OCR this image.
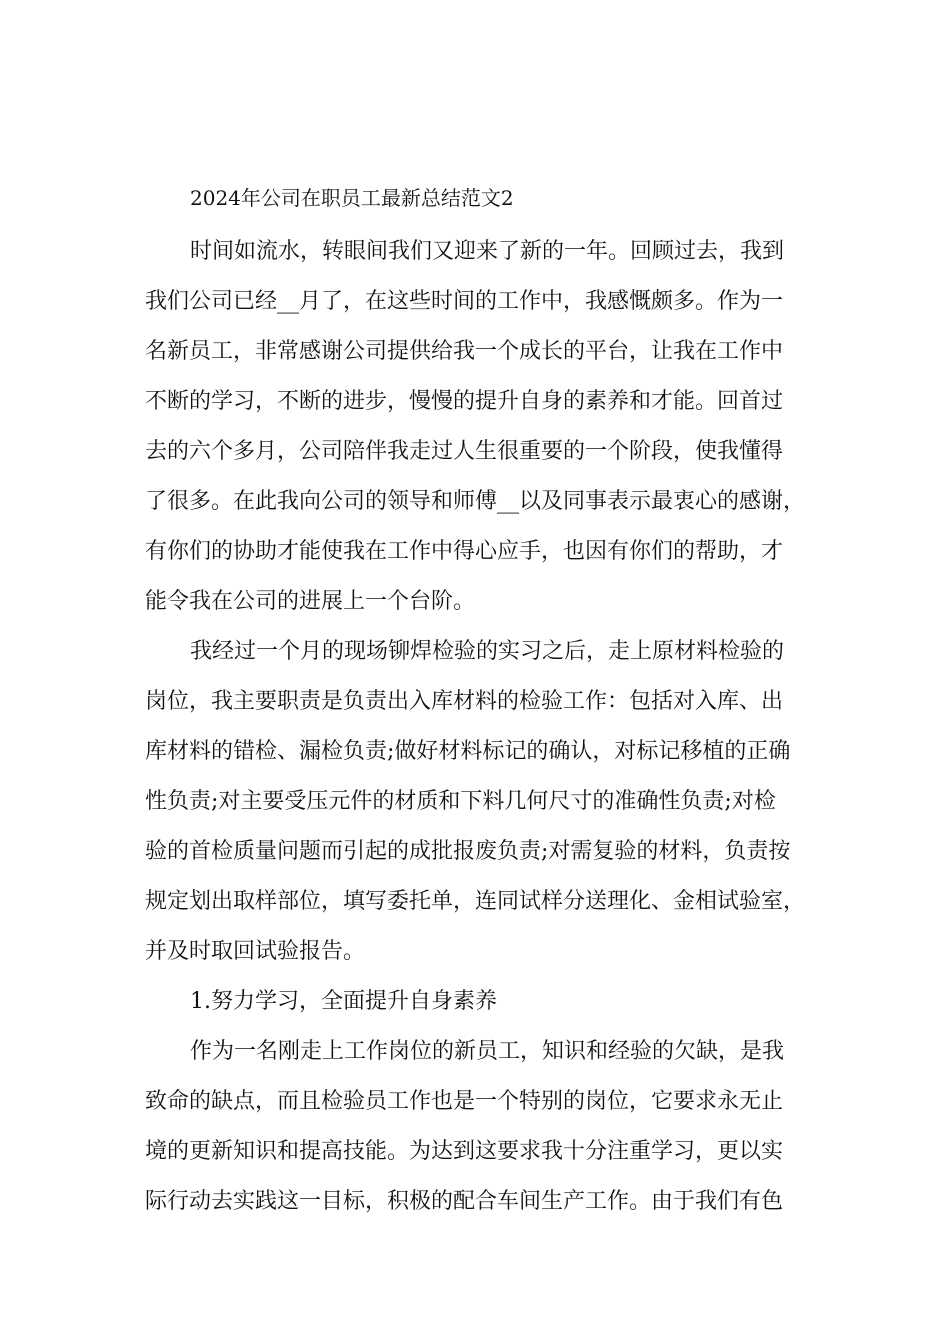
2024年公司在职员工最新总结范文2
时间如流水，转眼间我们又迎来了新的一年。回顾过去，我到
我们公司已经__月了，在这些时间的工作中，我感慨颇多。作为一
名新员工，非常感谢公司提供给我一个成长的平台，让我在工作中
不断的学习，不断的进步，慢慢的提升自身的素养和才能。回首过
去的六个多月，公司陪伴我走过人生很重要的一个阶段，使我懂得
了很多。在此我向公司的领导和师傅__以及同事表示最衷心的感谢，
有你们的协助才能使我在工作中得心应手，也因有你们的帮助，才
能令我在公司的进展上一个台阶。
我经过一个月的现场铆焊检验的实习之后，走上原材料检验的
岗位，我主要职责是负责出入库材料的检验工作：包括对入库、出
库材料的错检、漏检负责;做好材料标记的确认，对标记移植的正确
性负责;对主要受压元件的材质和下料几何尺寸的准确性负责;对检
验的首检质量问题而引起的成批报废负责;对需复验的材料，负责按
规定划出取样部位，填写委托单，连同试样分送理化、金相试验室，
并及时取回试验报告。
1.努力学习，全面提升自身素养
作为一名刚走上工作岗位的新员工，知识和经验的欠缺，是我
致命的缺点，而且检验员工作也是一个特别的岗位，它要求永无止
境的更新知识和提高技能。为达到这要求我十分注重学习，更以实
际行动去实践这一目标，积极的配合车间生产工作。由于我们有色
